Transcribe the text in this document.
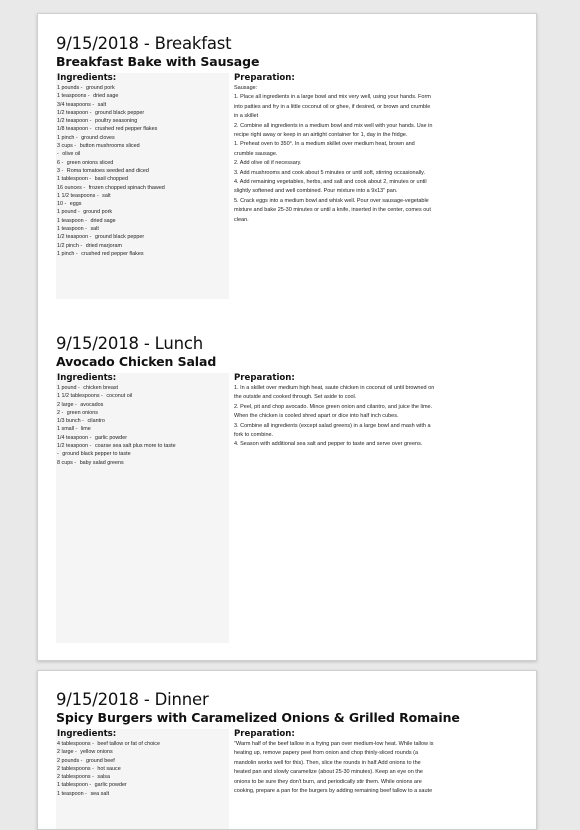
9/15/2018 - Breakfast
Breakfast Bake with Sausage
Ingredients:
1 pounds - ground pork
1 teaspoons - dried sage
3/4 teaspoons - salt
1/2 teaspoon - ground black pepper
1/2 teaspoon - poultry seasoning
1/8 teaspoon - crushed red pepper flakes
1 pinch - ground cloves
3 cups - button mushrooms sliced
- olive oil
6 - green onions sliced
3 - Roma tomatoes seeded and diced
1 tablespoon - basil chopped
16 ounces - frozen chopped spinach thawed
1 1/2 teaspoons - salt
10 - eggs
1 pound - ground pork
1 teaspoon - dried sage
1 teaspoon - salt
1/2 teaspoon - ground black pepper
1/2 pinch - dried marjoram
1 pinch - crushed red pepper flakes
Preparation:

Sausage:

1. Place all ingredients in a large bowl and mix very well, using your hands. Form

into patties and fry in a little coconut oil or ghee, if desired, or brown and crumble

in a skillet

2. Combine all ingredients in a medium bowl and mix well with your hands. Use in

recipe right away or keep in an airtight container for 1, day in the fridge.

1. Preheat oven to 350°. In a medium skillet over medium heat, brown and

crumble sausage.

2. Add olive oil if necessary.

3. Add mushrooms and cook about 5 minutes or until soft, stirring occasionally.

4. Add remaining vegetables, herbs, and salt and cook about 2, minutes or until

slightly softened and well combined. Pour mixture into a 9x13" pan.

5. Crack eggs into a medium bowl and whisk well. Pour over sausage-vegetable

mixture and bake 25-30 minutes or until a knife, inserted in the center, comes out

clean.

9/15/2018 - Lunch
Avocado Chicken Salad
Ingredients:
1 pound - chicken breast
1 1/2 tablespoons - coconut oil
2 large - avocados
2 - green onions
1/3 bunch - cilantro
1 small - lime
1/4 teaspoon - garlic powder
1/2 teaspoon - coarse sea salt plus more to taste
- ground black pepper to taste
8 cups - baby salad greens
Preparation:

1. In a skillet over medium high heat, saute chicken in coconut oil until browned on

the outside and cooked through. Set aside to cool.

2. Peel, pit and chop avocado. Mince green onion and cilantro, and juice the lime.

When the chicken is cooled shred apart or dice into half inch cubes.

3. Combine all ingredients (except salad greens) in a large bowl and mash with a

fork to combine.

4. Season with additional sea salt and pepper to taste and serve over greens.

9/15/2018 - Dinner
Spicy Burgers with Caramelized Onions & Grilled Romaine
Ingredients:
4 tablespoons - beef tallow or fat of choice
2 large - yellow onions
2 pounds - ground beef
2 tablespoons - hot sauce
2 tablespoons - salsa
1 tablespoon - garlic powder
1 teaspoon - sea salt
Preparation:

"Warm half of the beef tallow in a frying pan over medium-low heat. While tallow is

heating up, remove papery peel from onion and chop thinly-sliced rounds (a

mandolin works well for this). Then, slice the rounds in half.Add onions to the

heated pan and slowly caramelize (about 25-30 minutes). Keep an eye on the

onions to be sure they don't burn, and periodically stir them. While onions are

cooking, prepare a pan for the burgers by adding remaining beef tallow to a saute
